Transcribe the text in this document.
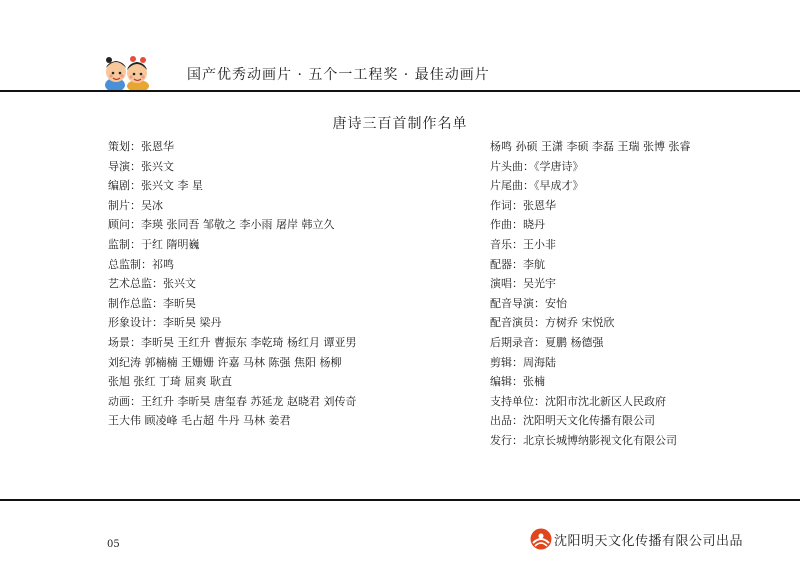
国产优秀动画片 · 五个一工程奖 · 最佳动画片
唐诗三百首制作名单
策划：张恩华
导演：张兴文
编剧：张兴文 李 星
制片：吴冰
顾问：李瑛 张同吾 邹敬之 李小雨 屠岸 韩立久
监制：于红 隋明巍
总监制：祁鸣
艺术总监：张兴文
制作总监：李昕昊
形象设计：李昕昊 梁丹
场景：李昕昊 王红升 曹振东 李乾琦 杨红月 谭亚男
刘纪涛 郭楠楠 王姗姗 许嘉 马林 陈强 焦阳 杨柳
张旭 张红 丁琦 屈爽 耿直
动画：王红升 李昕昊 唐玺春 苏延龙 赵晓君 刘传奇
王大伟 顾凌峰 毛占超 牛丹 马林 姜君
杨鸣 孙硕 王潇 李硕 李磊 王瑞 张博 张睿
片头曲：《学唐诗》
片尾曲：《早成才》
作词：张恩华
作曲：晓丹
音乐：王小非
配器：李航
演唱：吴光宇
配音导演：安怡
配音演员：方树乔 宋悦欣
后期录音：夏鹏 杨德强
剪辑：周海陆
编辑：张楠
支持单位：沈阳市沈北新区人民政府
出品：沈阳明天文化传播有限公司
发行：北京长城博纳影视文化有限公司
05	沈阳明天文化传播有限公司出品
